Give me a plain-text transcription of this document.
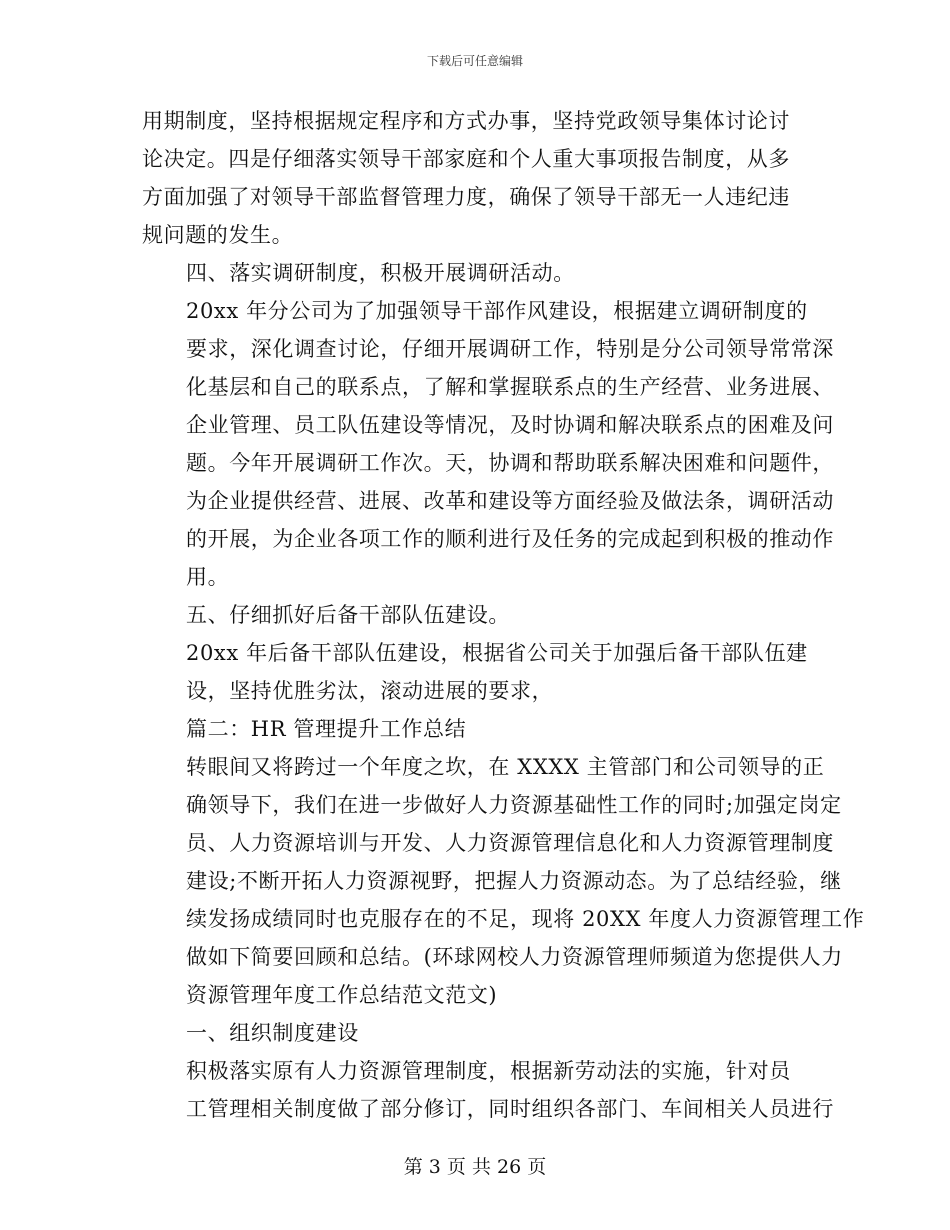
下载后可任意编辑

用期制度，坚持根据规定程序和方式办事，坚持党政领导集体讨论讨
论决定。四是仔细落实领导干部家庭和个人重大事项报告制度，从多
方面加强了对领导干部监督管理力度，确保了领导干部无一人违纪违
规问题的发生。

四、落实调研制度，积极开展调研活动。

20xx 年分公司为了加强领导干部作风建设，根据建立调研制度的
要求，深化调查讨论，仔细开展调研工作，特别是分公司领导常常深
化基层和自己的联系点，了解和掌握联系点的生产经营、业务进展、
企业管理、员工队伍建设等情况，及时协调和解决联系点的困难及问
题。今年开展调研工作次。天，协调和帮助联系解决困难和问题件，
为企业提供经营、进展、改革和建设等方面经验及做法条，调研活动
的开展，为企业各项工作的顺利进行及任务的完成起到积极的推动作
用。

五、仔细抓好后备干部队伍建设。

20xx 年后备干部队伍建设，根据省公司关于加强后备干部队伍建
设，坚持优胜劣汰，滚动进展的要求，

篇二：HR 管理提升工作总结

转眼间又将跨过一个年度之坎，在 XXXX 主管部门和公司领导的正
确领导下，我们在进一步做好人力资源基础性工作的同时;加强定岗定
员、人力资源培训与开发、人力资源管理信息化和人力资源管理制度
建设;不断开拓人力资源视野，把握人力资源动态。为了总结经验，继
续发扬成绩同时也克服存在的不足，现将 20XX 年度人力资源管理工作
做如下简要回顾和总结。(环球网校人力资源管理师频道为您提供人力
资源管理年度工作总结范文范文)

一、组织制度建设

积极落实原有人力资源管理制度，根据新劳动法的实施，针对员
工管理相关制度做了部分修订，同时组织各部门、车间相关人员进行

第 3 页 共 26 页
